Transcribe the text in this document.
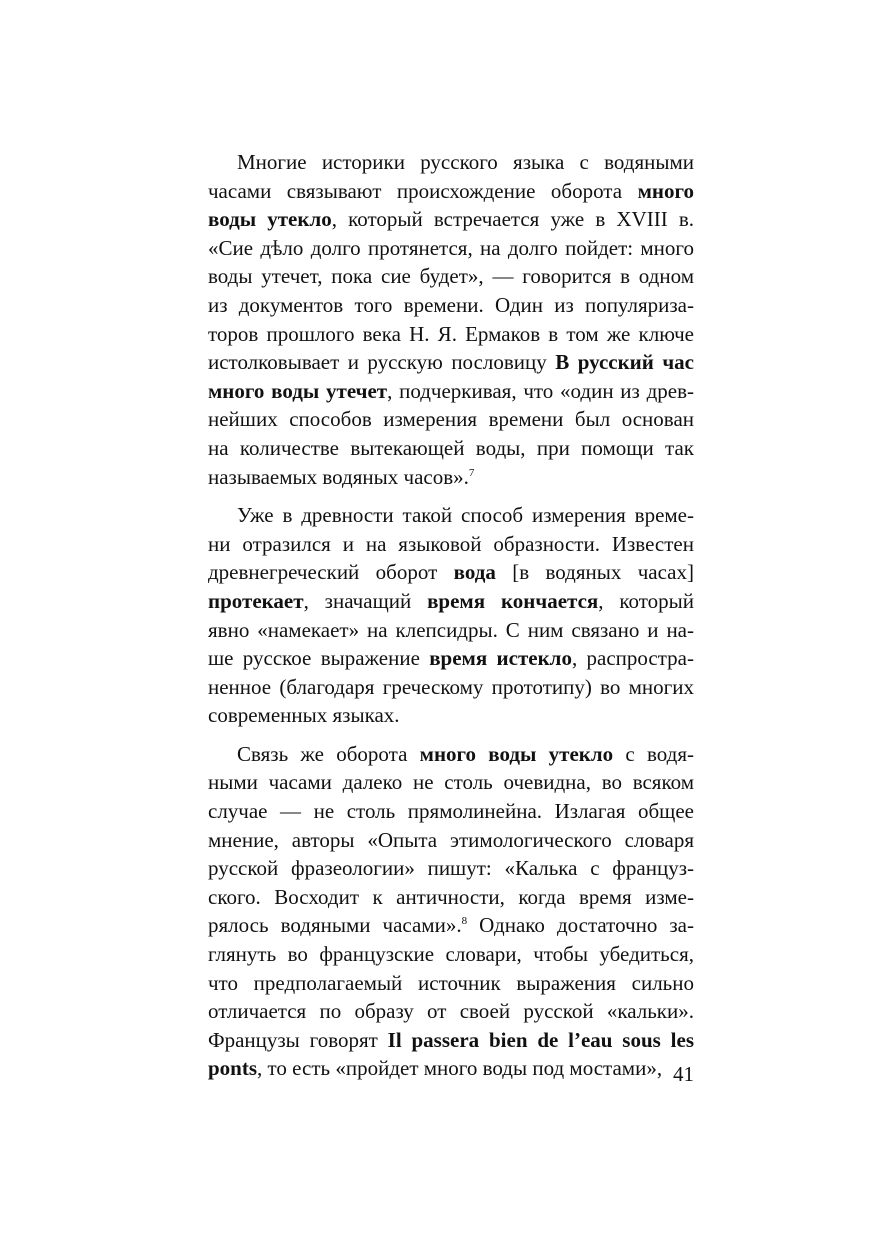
Многие историки русского языка с водяными
часами связывают происхождение оборота много
воды утекло, который встречается уже в XVIII в.
«Сие дѣло долго протянется, на долго пойдет: много
воды утечет, пока сие будет», — говорится в одном
из документов того времени. Один из популяриза-
торов прошлого века Н. Я. Ермаков в том же ключе
истолковывает и русскую пословицу В русский час
много воды утечет, подчеркивая, что «один из древ-
нейших способов измерения времени был основан
на количестве вытекающей воды, при помощи так
называемых водяных часов».$^7$
Уже в древности такой способ измерения време-
ни отразился и на языковой образности. Известен
древнегреческий оборот вода [в водяных часах]
протекает, значащий время кончается, который
явно «намекает» на клепсидры. С ним связано и на-
ше русское выражение время истекло, распростра-
ненное (благодаря греческому прототипу) во многих
современных языках.
Связь же оборота много воды утекло с водя-
ными часами далеко не столь очевидна, во всяком
случае — не столь прямолинейна. Излагая общее
мнение, авторы «Опыта этимологического словаря
русской фразеологии» пишут: «Калька с француз-
ского. Восходит к античности, когда время изме-
рялось водяными часами».$^8$ Однако достаточно за-
глянуть во французские словари, чтобы убедиться,
что предполагаемый источник выражения сильно
отличается по образу от своей русской «кальки».
Французы говорят Il passera bien de l’eau sous les
ponts, то есть «пройдет много воды под мостами», 41
